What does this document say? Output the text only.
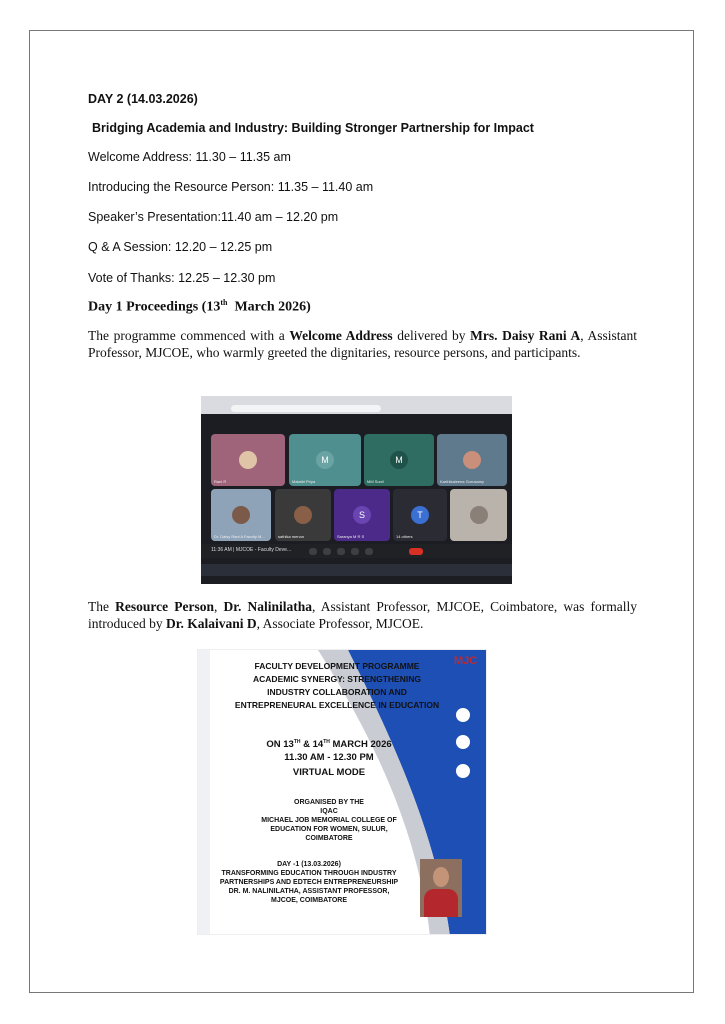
DAY 2 (14.03.2026)
Bridging Academia and Industry: Building Stronger Partnership for Impact
Welcome Address: 11.30 – 11.35 am
Introducing the Resource Person: 11.35 – 11.40 am
Speaker’s Presentation:11.40 am – 12.20 pm
Q & A Session: 12.20 – 12.25 pm
Vote of Thanks: 12.25 – 12.30 pm
Day 1 Proceedings (13th  March 2026)
The programme commenced with a Welcome Address delivered by Mrs. Daisy Rani A, Assistant Professor, MJCOE, who warmly greeted the dignitaries, resource persons, and participants.
Rani R
M
Malathi Priya
M
MM Sunil	Karthikaleena Gurusamy
Dr. Daisy Rani A Faculty M...	sathika menon
S
Saranya M R S
T
14 others
11:36 AM | MJCOE - Faculty Deve...
The Resource Person, Dr. Nalinilatha, Assistant Professor, MJCOE, Coimbatore, was formally introduced by Dr. Kalaivani D, Associate Professor, MJCOE.
MJC
FACULTY DEVELOPMENT PROGRAMME
ACADEMIC SYNERGY: STRENGTHENING
INDUSTRY COLLABORATION AND
ENTREPRENEURAL EXCELLENCE IN EDUCATION
ON 13TH & 14TH MARCH 2026
11.30 AM - 12.30 PM
VIRTUAL MODE
ORGANISED BY THE
IQAC
MICHAEL JOB MEMORIAL COLLEGE OF
EDUCATION FOR WOMEN, SULUR,
COIMBATORE
DAY -1 (13.03.2026)
TRANSFORMING EDUCATION THROUGH INDUSTRY
PARTNERSHIPS AND EDTECH ENTREPRENEURSHIP
DR. M. NALINILATHA, ASSISTANT PROFESSOR,
MJCOE, COIMBATORE
